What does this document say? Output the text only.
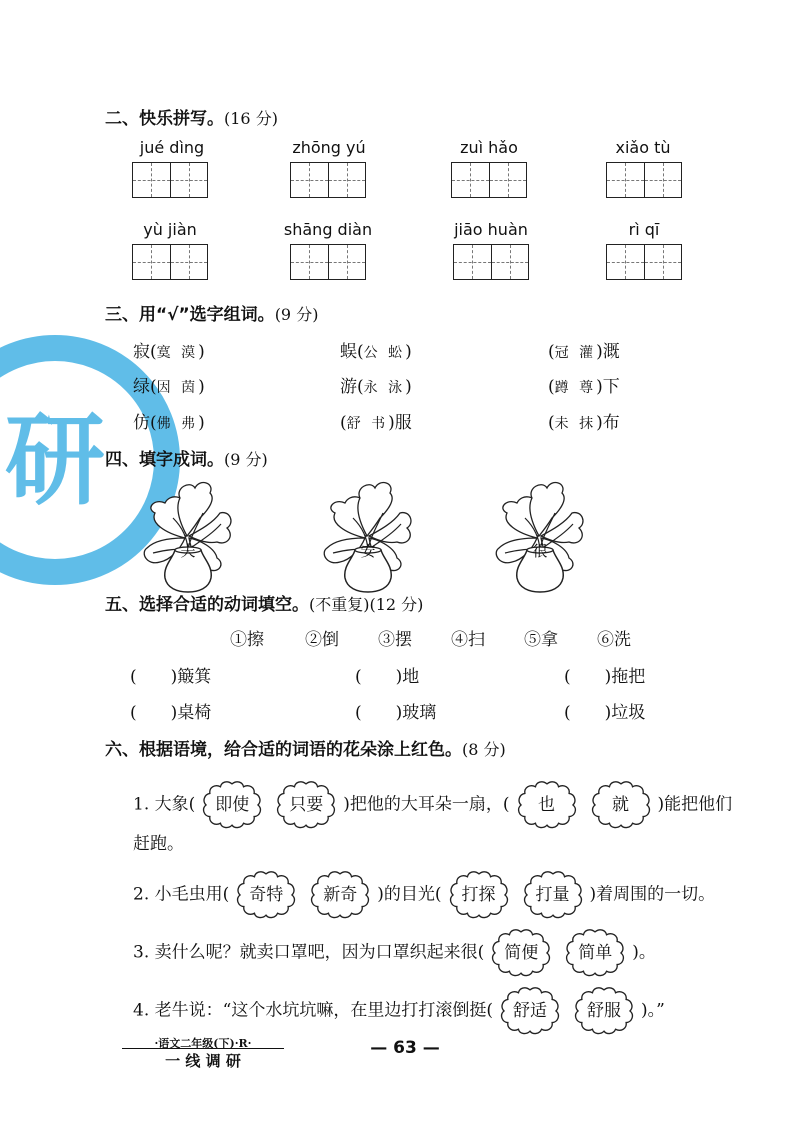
研
二、快乐拼写。(16 分)
jué dìng	zhōng yú	zuì hǎo	xiǎo tù
yù jiàn	shāng diàn	jiāo huàn	rì qī
三、用“√”选字组词。(9 分)
寂(寞 漠)	蜈(公 蚣)	(冠 灌)溉
绿(因 茵)	游(永 泳)	(蹲 尊)下
仿(佛 弗)	(舒 书)服	(未 抹)布
四、填字成词。(9 分)
夫	安	很
五、选择合适的动词填空。(不重复)(12 分)
①擦 ②倒 ③摆 ④扫 ⑤拿 ⑥洗
(　　)簸箕	(　　)地	(　　)拖把
(　　)桌椅	(　　)玻璃	(　　)垃圾
六、根据语境，给合适的词语的花朵涂上红色。(8 分)
1. 大象(	即使	只要	)把他的大耳朵一扇，(	也	就	)能把他们
赶跑。
2. 小毛虫用(	奇特	新奇	)的目光(	打探	打量	)着周围的一切。
3. 卖什么呢？就卖口罩吧，因为口罩织起来很(	简便	简单	)。
4. 老牛说：“这个水坑坑嘛，在里边打打滚倒挺(	舒适	舒服	)。”
·语文二年级(下)·R·
一 线 调 研
— 63 —
